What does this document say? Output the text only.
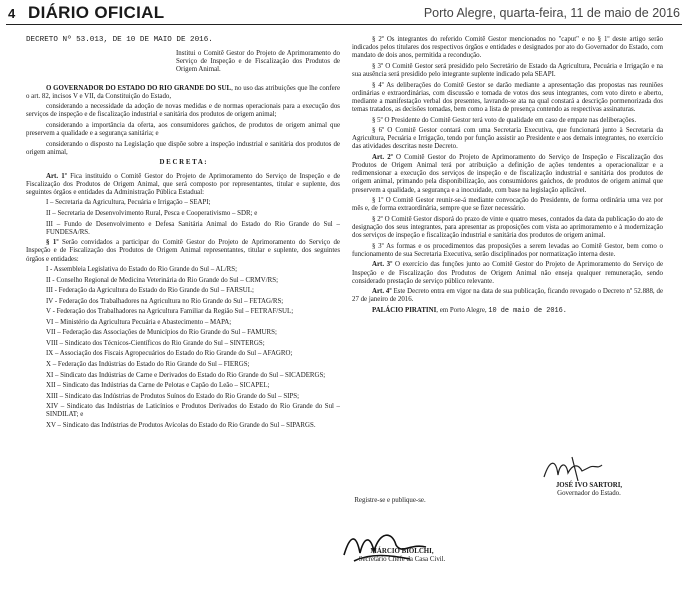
4 DIÁRIO OFICIAL	Porto Alegre, quarta-feira, 11 de maio de 2016

DECRETO Nº 53.013, DE 10 DE MAIO DE 2016.

Institui o Comitê Gestor do Projeto de Aprimoramento do Serviço de Inspeção e de Fiscalização dos Produtos de Origem Animal.

O GOVERNADOR DO ESTADO DO RIO GRANDE DO SUL, no uso das atribuições que lhe confere o art. 82, incisos V e VII, da Constituição do Estado,

considerando a necessidade da adoção de novas medidas e de normas operacionais para a execução dos serviços de inspeção e de fiscalização industrial e sanitária dos produtos de origem animal;

considerando a importância da oferta, aos consumidores gaúchos, de produtos de origem animal que preservem a qualidade e a segurança sanitária; e

considerando o disposto na Legislação que dispõe sobre a inspeção industrial e sanitária dos produtos de origem animal,

D E C R E T A :

Art. 1º Fica instituído o Comitê Gestor do Projeto de Aprimoramento do Serviço de Inspeção e de Fiscalização dos Produtos de Origem Animal, que será composto por representantes, titular e suplente, dos seguintes órgãos e entidades da Administração Pública Estadual:

I – Secretaria da Agricultura, Pecuária e Irrigação – SEAPI;

II – Secretaria de Desenvolvimento Rural, Pesca e Cooperativismo – SDR; e

III – Fundo de Desenvolvimento e Defesa Sanitária Animal do Estado do Rio Grande do Sul – FUNDESA/RS.

§ 1º Serão convidados a participar do Comitê Gestor do Projeto de Aprimoramento do Serviço de Inspeção e de Fiscalização dos Produtos de Origem Animal representantes, titular e suplente, dos seguintes órgãos e entidades:

I - Assembleia Legislativa do Estado do Rio Grande do Sul – AL/RS;

II - Conselho Regional de Medicina Veterinária do Rio Grande do Sul – CRMV/RS;

III - Federação da Agricultura do Estado do Rio Grande do Sul – FARSUL;

IV - Federação dos Trabalhadores na Agricultura no Rio Grande do Sul – FETAG/RS;

V - Federação dos Trabalhadores na Agricultura Familiar da Região Sul – FETRAF/SUL;

VI – Ministério da Agricultura Pecuária e Abastecimento – MAPA;

VII – Federação das Associações de Municípios do Rio Grande do Sul – FAMURS;

VIII – Sindicato dos Técnicos-Científicos do Rio Grande do Sul – SINTERGS;

IX – Associação dos Fiscais Agropecuários do Estado do Rio Grande do Sul – AFAGRO;

X – Federação das Indústrias do Estado do Rio Grande do Sul – FIERGS;

XI – Sindicato das Indústrias de Carne e Derivados do Estado do Rio Grande do Sul – SICADERGS;

XII – Sindicato das Indústrias da Carne de Pelotas e Capão do Leão – SICAPEL;

XIII – Sindicato das Indústrias de Produtos Suínos do Estado do Rio Grande do Sul – SIPS;

XIV – Sindicato das Indústrias de Laticínios e Produtos Derivados do Estado do Rio Grande do Sul – SINDILAT; e

XV – Sindicato das Indústrias de Produtos Avícolas do Estado do Rio Grande do Sul – SIPARGS.

§ 2º Os integrantes do referido Comitê Gestor mencionados no "caput" e no § 1º deste artigo serão indicados pelos titulares dos respectivos órgãos e entidades e designados por ato do Governador do Estado, com mandato de dois anos, permitida a recondução.

§ 3º O Comitê Gestor será presidido pelo Secretário de Estado da Agricultura, Pecuária e Irrigação e na sua ausência será presidido pelo integrante suplente indicado pela SEAPI.

§ 4º As deliberações do Comitê Gestor se darão mediante a apresentação das propostas nas reuniões ordinárias e extraordinárias, com discussão e tomada de votos dos seus integrantes, com voto direto e aberto, mediante a manifestação verbal dos presentes, lavrando-se ata na qual constará a descrição pormenorizada dos temas tratados, as decisões tomadas, bem como a lista de presença contendo as respectivas assinaturas.

§ 5º O Presidente do Comitê Gestor terá voto de qualidade em caso de empate nas deliberações.

§ 6º O Comitê Gestor contará com uma Secretaria Executiva, que funcionará junto à Secretaria da Agricultura, Pecuária e Irrigação, tendo por função assistir ao Presidente e aos demais integrantes, no exercício das atividades descritas neste Decreto.

Art. 2º O Comitê Gestor do Projeto de Aprimoramento do Serviço de Inspeção e Fiscalização dos Produtos de Origem Animal terá por atribuição a definição de ações tendentes a operacionalizar e a redimensionar a execução dos serviços de inspeção e de fiscalização industrial e sanitária dos produtos de origem animal, primando pela disponibilização, aos consumidores gaúchos, de produtos de origem animal que preservem a qualidade, a segurança e a inocuidade, com base na legislação aplicável.

§ 1º O Comitê Gestor reunir-se-á mediante convocação do Presidente, de forma ordinária uma vez por mês e, de forma extraordinária, sempre que se fizer necessário.

§ 2º O Comitê Gestor disporá do prazo de vinte e quatro meses, contados da data da publicação do ato de designação dos seus integrantes, para apresentar as proposições com vista ao aprimoramento e à modernização dos serviços de inspeção e fiscalização industrial e sanitária dos produtos de origem animal.

§ 3º As formas e os procedimentos das proposições a serem levadas ao Comitê Gestor, bem como o funcionamento de sua Secretaria Executiva, serão disciplinados por normatização interna deste.

Art. 3º O exercício das funções junto ao Comitê Gestor do Projeto de Aprimoramento do Serviço de Inspeção e de Fiscalização dos Produtos de Origem Animal não enseja qualquer remuneração, sendo considerado prestação de serviço público relevante.

Art. 4º Este Decreto entra em vigor na data de sua publicação, ficando revogado o Decreto nº 52.888, de 27 de janeiro de 2016.

PALÁCIO PIRATINI, em Porto Alegre, 10 de maio de 2016.

JOSÉ IVO SARTORI,
Governador do Estado.
Registre-se e publique-se.
MÁRCIO BIOLCHI,
Secretário Chefe da Casa Civil.
